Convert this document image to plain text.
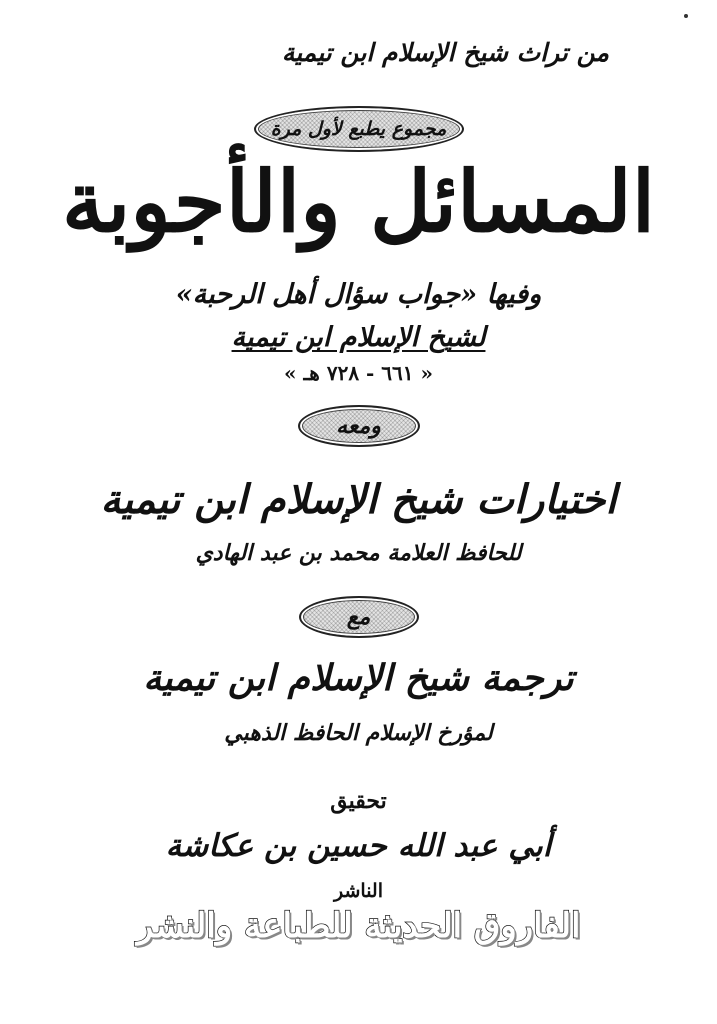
من تراث شيخ الإسلام ابن تيمية
مجموع يطبع لأول مرة
المسائل والأجوبة
وفيها «جواب سؤال أهل الرحبة»
لشيخ الإسلام ابن تيمية
« ٦٦١ - ٧٢٨ هـ »
ومعه
اختيارات شيخ الإسلام ابن تيمية
للحافظ العلامة محمد بن عبد الهادي
مع
ترجمة شيخ الإسلام ابن تيمية
لمؤرخ الإسلام الحافظ الذهبي
تحقيق
أبي عبد الله حسين بن عكاشة
الناشر
الفاروق الحديثة للطباعة والنشر
